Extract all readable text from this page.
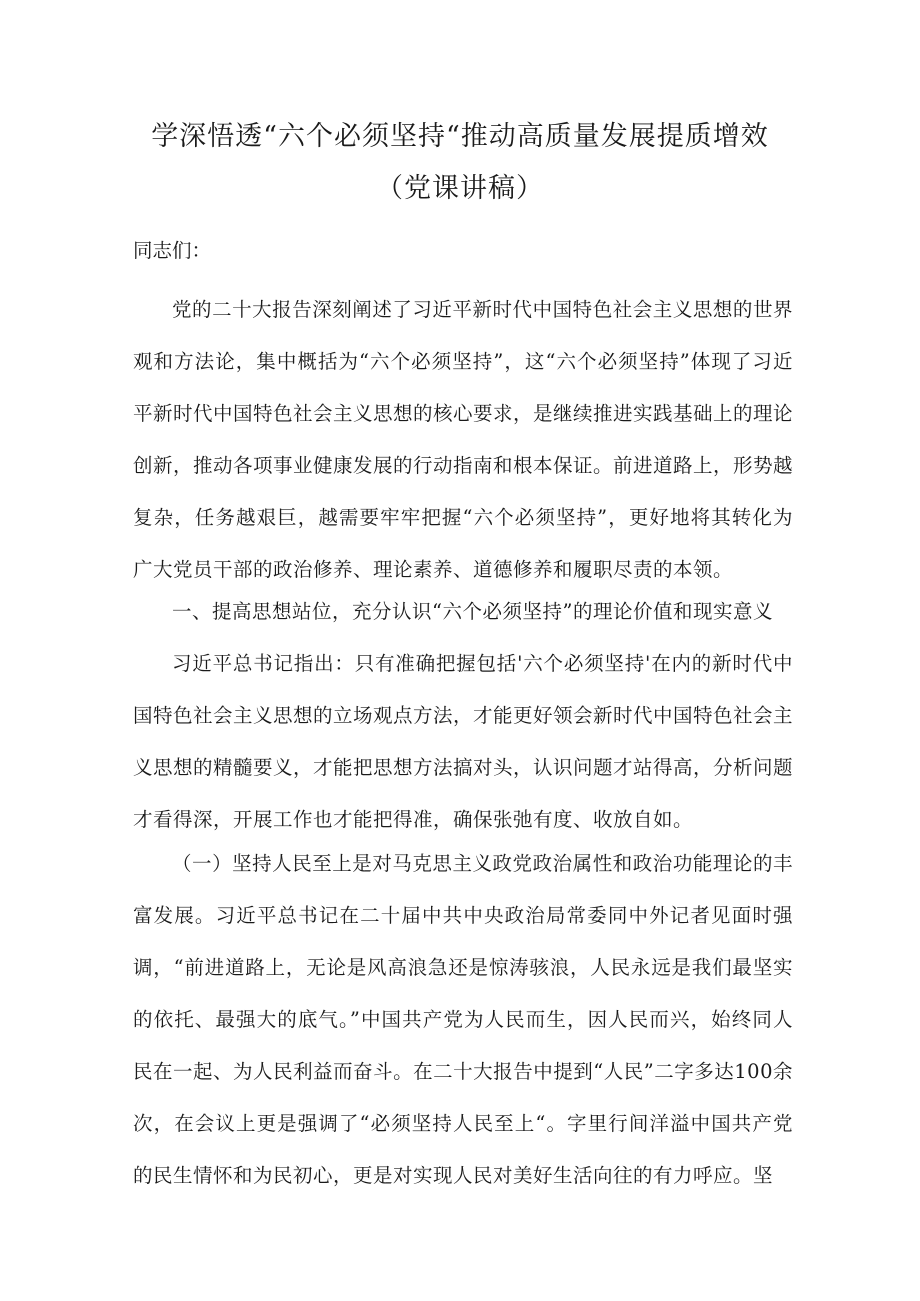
学深悟透“六个必须坚持“推动高质量发展提质增效
（党课讲稿）
同志们：

党的二十大报告深刻阐述了习近平新时代中国特色社会主义思想的世界观和方法论，集中概括为“六个必须坚持”，这“六个必须坚持”体现了习近平新时代中国特色社会主义思想的核心要求，是继续推进实践基础上的理论创新，推动各项事业健康发展的行动指南和根本保证。前进道路上，形势越复杂，任务越艰巨，越需要牢牢把握“六个必须坚持”，更好地将其转化为广大党员干部的政治修养、理论素养、道德修养和履职尽责的本领。

一、提高思想站位，充分认识“六个必须坚持”的理论价值和现实意义

习近平总书记指出：只有准确把握包括'六个必须坚持'在内的新时代中国特色社会主义思想的立场观点方法，才能更好领会新时代中国特色社会主义思想的精髓要义，才能把思想方法搞对头，认识问题才站得高，分析问题才看得深，开展工作也才能把得准，确保张弛有度、收放自如。

（一）坚持人民至上是对马克思主义政党政治属性和政治功能理论的丰富发展。习近平总书记在二十届中共中央政治局常委同中外记者见面时强调，“前进道路上，无论是风高浪急还是惊涛骇浪，人民永远是我们最坚实的依托、最强大的底气。”中国共产党为人民而生，因人民而兴，始终同人民在一起、为人民利益而奋斗。在二十大报告中提到“人民”二字多达100余次，在会议上更是强调了“必须坚持人民至上“。字里行间洋溢中国共产党的民生情怀和为民初心，更是对实现人民对美好生活向往的有力呼应。坚
